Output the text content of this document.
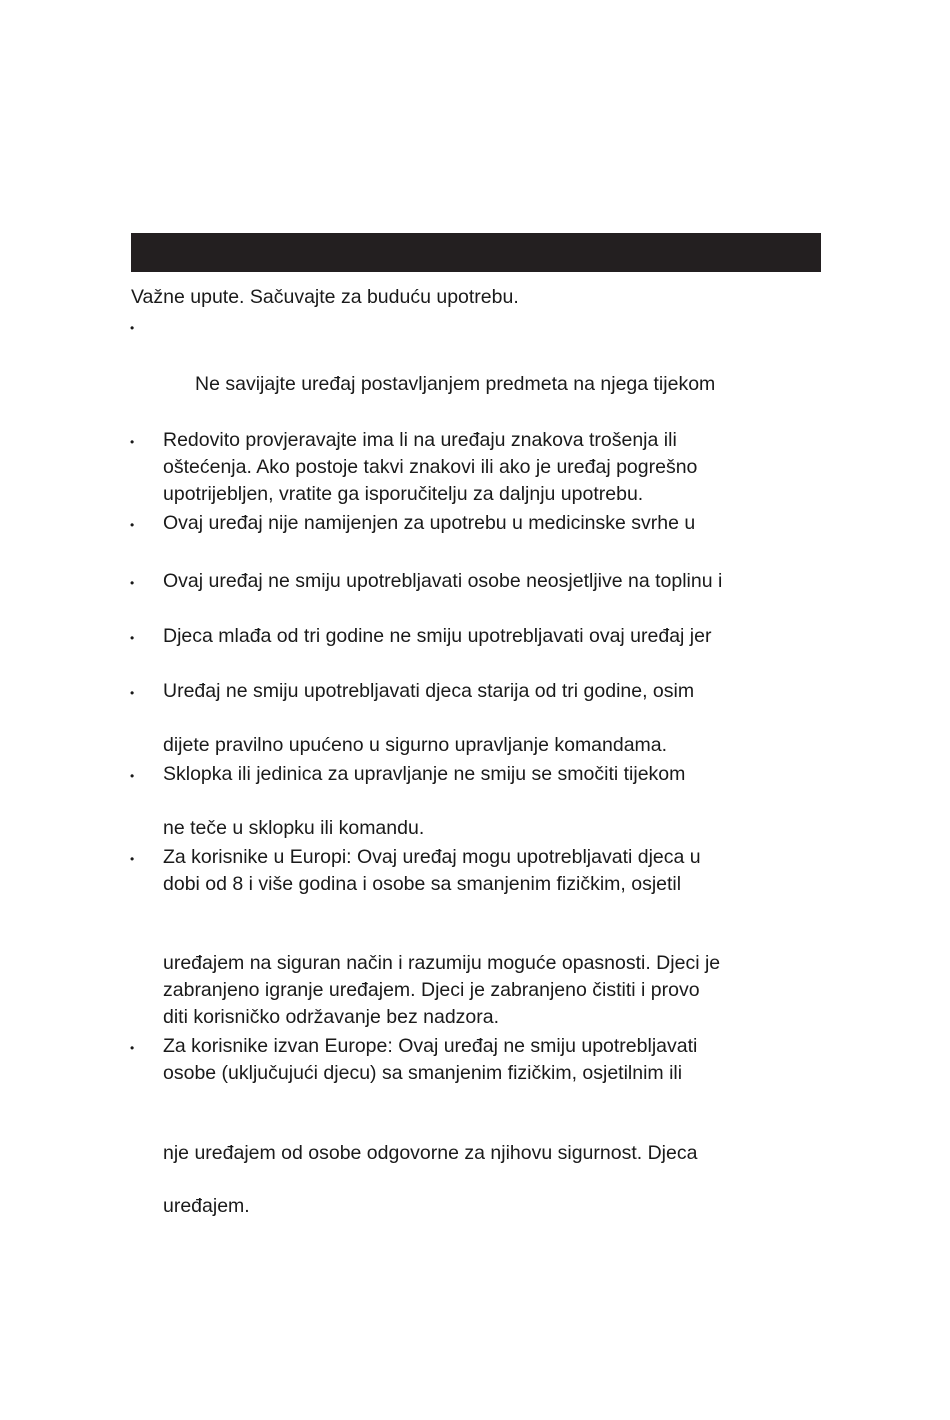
Važne upute. Sačuvajte za buduću upotrebu.
•
Ne savijajte uređaj postavljanjem predmeta na njega tijekom
• Redovito provjeravajte ima li na uređaju znakova trošenja ili
oštećenja. Ako postoje takvi znakovi ili ako je uređaj pogrešno
upotrijebljen, vratite ga isporučitelju za daljnju upotrebu.
• Ovaj uređaj nije namijenjen za upotrebu u medicinske svrhe u
• Ovaj uređaj ne smiju upotrebljavati osobe neosjetljive na toplinu i
• Djeca mlađa od tri godine ne smiju upotrebljavati ovaj uređaj jer
• Uređaj ne smiju upotrebljavati djeca starija od tri godine, osim
dijete pravilno upućeno u sigurno upravljanje komandama.
• Sklopka ili jedinica za upravljanje ne smiju se smočiti tijekom
ne teče u sklopku ili komandu.
• Za korisnike u Europi: Ovaj uređaj mogu upotrebljavati djeca u
dobi od 8 i više godina i osobe sa smanjenim fizičkim, osjetil
uređajem na siguran način i razumiju moguće opasnosti. Djeci je
zabranjeno igranje uređajem. Djeci je zabranjeno čistiti i provo
diti korisničko održavanje bez nadzora.
• Za korisnike izvan Europe: Ovaj uređaj ne smiju upotrebljavati
osobe (uključujući djecu) sa smanjenim fizičkim, osjetilnim ili
nje uređajem od osobe odgovorne za njihovu sigurnost. Djeca
uređajem.
